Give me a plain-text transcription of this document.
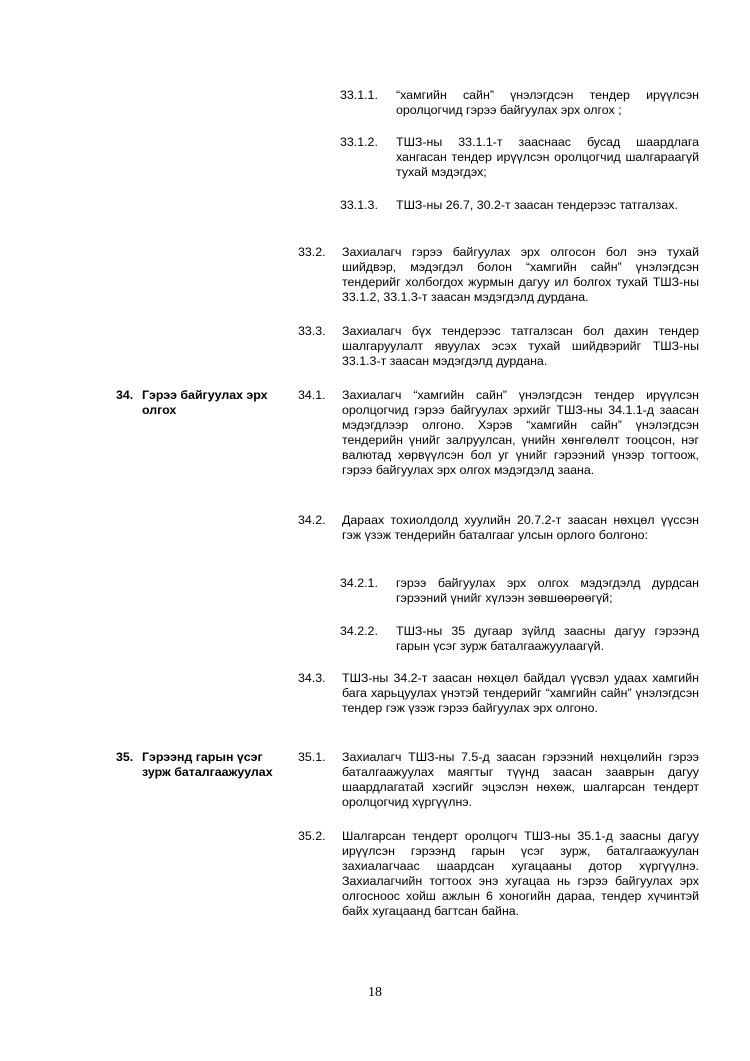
33.1.1. “хамгийн сайн” үнэлэгдсэн тендер ирүүлсэн оролцогчид гэрээ байгуулах эрх олгох ;
33.1.2. ТШЗ-ны 33.1.1-т зааснаас бусад шаардлага хангасан тендер ирүүлсэн оролцогчид шалгараагүй тухай мэдэгдэх;
33.1.3. ТШЗ-ны 26.7, 30.2-т заасан тендерээс татгалзах.
33.2. Захиалагч гэрээ байгуулах эрх олгосон бол энэ тухай шийдвэр, мэдэгдэл болон “хамгийн сайн” үнэлэгдсэн тендерийг холбогдох журмын дагуу ил болгох тухай ТШЗ-ны 33.1.2, 33.1.3-т заасан мэдэгдэлд дурдана.
33.3. Захиалагч бүх тендерээс татгалзсан бол дахин тендер шалгаруулалт явуулах эсэх тухай шийдвэрийг ТШЗ-ны 33.1.3-т заасан мэдэгдэлд дурдана.
34. Гэрээ байгуулах эрх олгох
34.1. Захиалагч “хамгийн сайн” үнэлэгдсэн тендер ирүүлсэн оролцогчид гэрээ байгуулах эрхийг ТШЗ-ны 34.1.1-д заасан мэдэгдлээр олгоно. Хэрэв “хамгийн сайн” үнэлэгдсэн тендерийн үнийг залруулсан, үнийн хөнгөлөлт тооцсон, нэг валютад хөрвүүлсэн бол уг үнийг гэрээний үнээр тогтоож, гэрээ байгуулах эрх олгох мэдэгдэлд заана.
34.2. Дараах тохиолдолд хуулийн 20.7.2-т заасан нөхцөл үүссэн гэж үзэж тендерийн баталгааг улсын орлого болгоно:
34.2.1. гэрээ байгуулах эрх олгох мэдэгдэлд дурдсан гэрээний үнийг хүлээн зөвшөөрөөгүй;
34.2.2. ТШЗ-ны 35 дугаар зүйлд заасны дагуу гэрээнд гарын үсэг зурж баталгаажуулаагүй.
34.3. ТШЗ-ны 34.2-т заасан нөхцөл байдал үүсвэл удаах хамгийн бага харьцуулах үнэтэй тендерийг “хамгийн сайн” үнэлэгдсэн тендер гэж үзэж гэрээ байгуулах эрх олгоно.
35. Гэрээнд гарын үсэг зурж баталгаажуулах
35.1. Захиалагч ТШЗ-ны 7.5-д заасан гэрээний нөхцөлийн гэрээ баталгаажуулах маягтыг түүнд заасан зааврын дагуу шаардлагатай хэсгийг эцэслэн нөхөж, шалгарсан тендерт оролцогчид хүргүүлнэ.
35.2. Шалгарсан тендерт оролцогч ТШЗ-ны 35.1-д заасны дагуу ирүүлсэн гэрээнд гарын үсэг зурж, баталгаажуулан захиалагчаас шаардсан хугацааны дотор хүргүүлнэ. Захиалагчийн тогтоох энэ хугацаа нь гэрээ байгуулах эрх олгосноос хойш ажлын 6 хоногийн дараа, тендер хүчинтэй байх хугацаанд багтсан байна.
18
